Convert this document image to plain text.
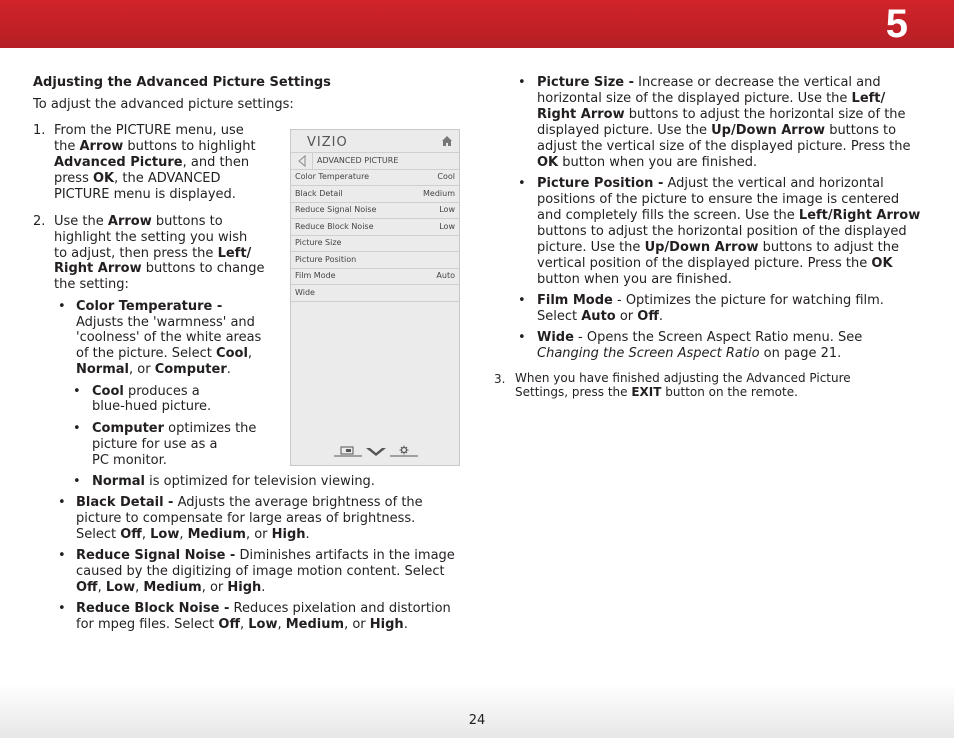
5
Adjusting the Advanced Picture Settings
To adjust the advanced picture settings:
1. From the PICTURE menu, use
the Arrow buttons to highlight
Advanced Picture, and then
press OK, the ADVANCED
PICTURE menu is displayed.
2. Use the Arrow buttons to
highlight the setting you wish
to adjust, then press the Left/
Right Arrow buttons to change
the setting:
• Color Temperature -
Adjusts the 'warmness' and
'coolness' of the white areas
of the picture. Select Cool,
Normal, or Computer.
• Cool produces a
blue-hued picture.
• Computer optimizes the
picture for use as a
PC monitor.
• Normal is optimized for television viewing.
• Black Detail - Adjusts the average brightness of the
picture to compensate for large areas of brightness.
Select Off, Low, Medium, or High.
• Reduce Signal Noise - Diminishes artifacts in the image
caused by the digitizing of image motion content. Select
Off, Low, Medium, or High.
• Reduce Block Noise - Reduces pixelation and distortion
for mpeg files. Select Off, Low, Medium, or High.
VIZIO
ADVANCED PICTURE
Color Temperature	Cool
Black Detail	Medium
Reduce Signal Noise	Low
Reduce Block Noise	Low
Picture Size
Picture Position
Film Mode	Auto
Wide
• Picture Size - Increase or decrease the vertical and
horizontal size of the displayed picture. Use the Left/
Right Arrow buttons to adjust the horizontal size of the
displayed picture. Use the Up/Down Arrow buttons to
adjust the vertical size of the displayed picture. Press the
OK button when you are finished.
• Picture Position - Adjust the vertical and horizontal
positions of the picture to ensure the image is centered
and completely fills the screen. Use the Left/Right Arrow
buttons to adjust the horizontal position of the displayed
picture. Use the Up/Down Arrow buttons to adjust the
vertical position of the displayed picture. Press the OK
button when you are finished.
• Film Mode - Optimizes the picture for watching film.
Select Auto or Off.
• Wide - Opens the Screen Aspect Ratio menu. See
Changing the Screen Aspect Ratio on page 21.
3. When you have finished adjusting the Advanced Picture
Settings, press the EXIT button on the remote.
24
